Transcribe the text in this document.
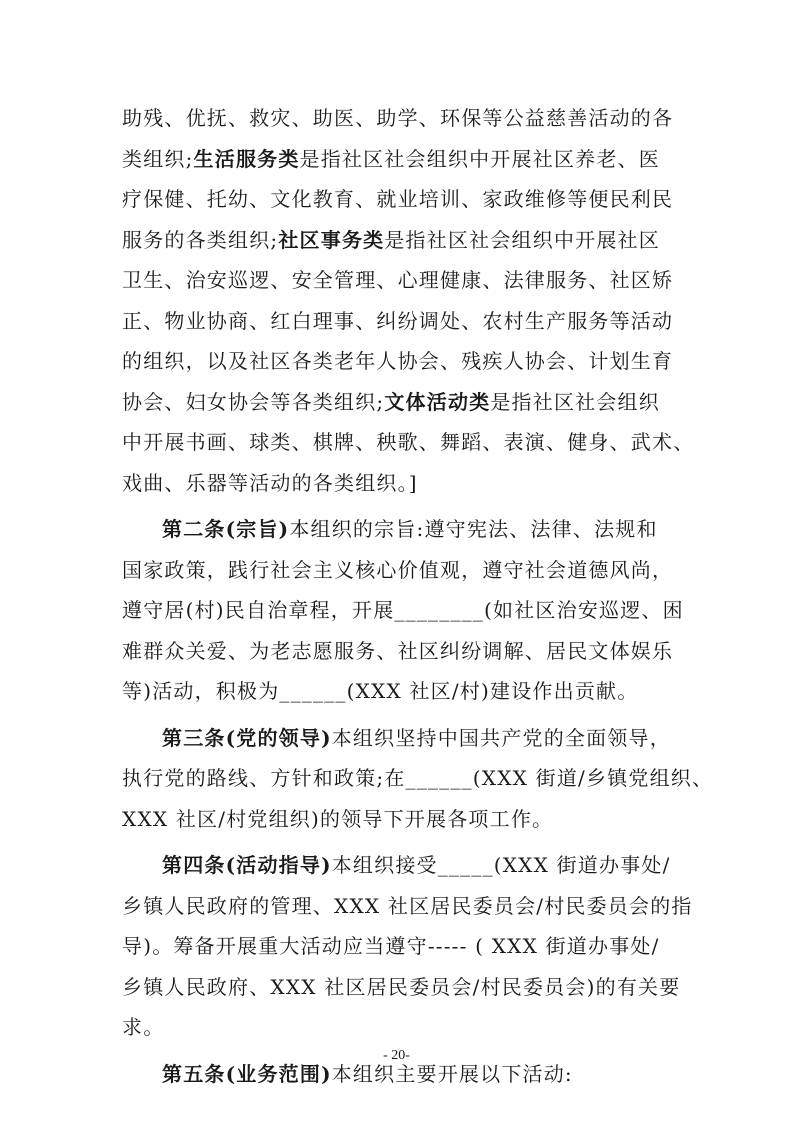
助残、优抚、救灾、助医、助学、环保等公益慈善活动的各
类组织;生活服务类是指社区社会组织中开展社区养老、医
疗保健、托幼、文化教育、就业培训、家政维修等便民利民
服务的各类组织;社区事务类是指社区社会组织中开展社区
卫生、治安巡逻、安全管理、心理健康、法律服务、社区矫
正、物业协商、红白理事、纠纷调处、农村生产服务等活动
的组织，以及社区各类老年人协会、残疾人协会、计划生育
协会、妇女协会等各类组织;文体活动类是指社区社会组织
中开展书画、球类、棋牌、秧歌、舞蹈、表演、健身、武术、
戏曲、乐器等活动的各类组织。]
第二条(宗旨)本组织的宗旨:遵守宪法、法律、法规和
国家政策，践行社会主义核心价值观，遵守社会道德风尚，
遵守居(村)民自治章程，开展________(如社区治安巡逻、困
难群众关爱、为老志愿服务、社区纠纷调解、居民文体娱乐
等)活动，积极为______(XXX 社区/村)建设作出贡献。
第三条(党的领导)本组织坚持中国共产党的全面领导，
执行党的路线、方针和政策;在______(XXX 街道/乡镇党组织、
XXX 社区/村党组织)的领导下开展各项工作。
第四条(活动指导)本组织接受_____(XXX 街道办事处/
乡镇人民政府的管理、XXX 社区居民委员会/村民委员会的指
导)。筹备开展重大活动应当遵守----- ( XXX 街道办事处/
乡镇人民政府、XXX 社区居民委员会/村民委员会)的有关要
求。
第五条(业务范围)本组织主要开展以下活动:
- 20-
